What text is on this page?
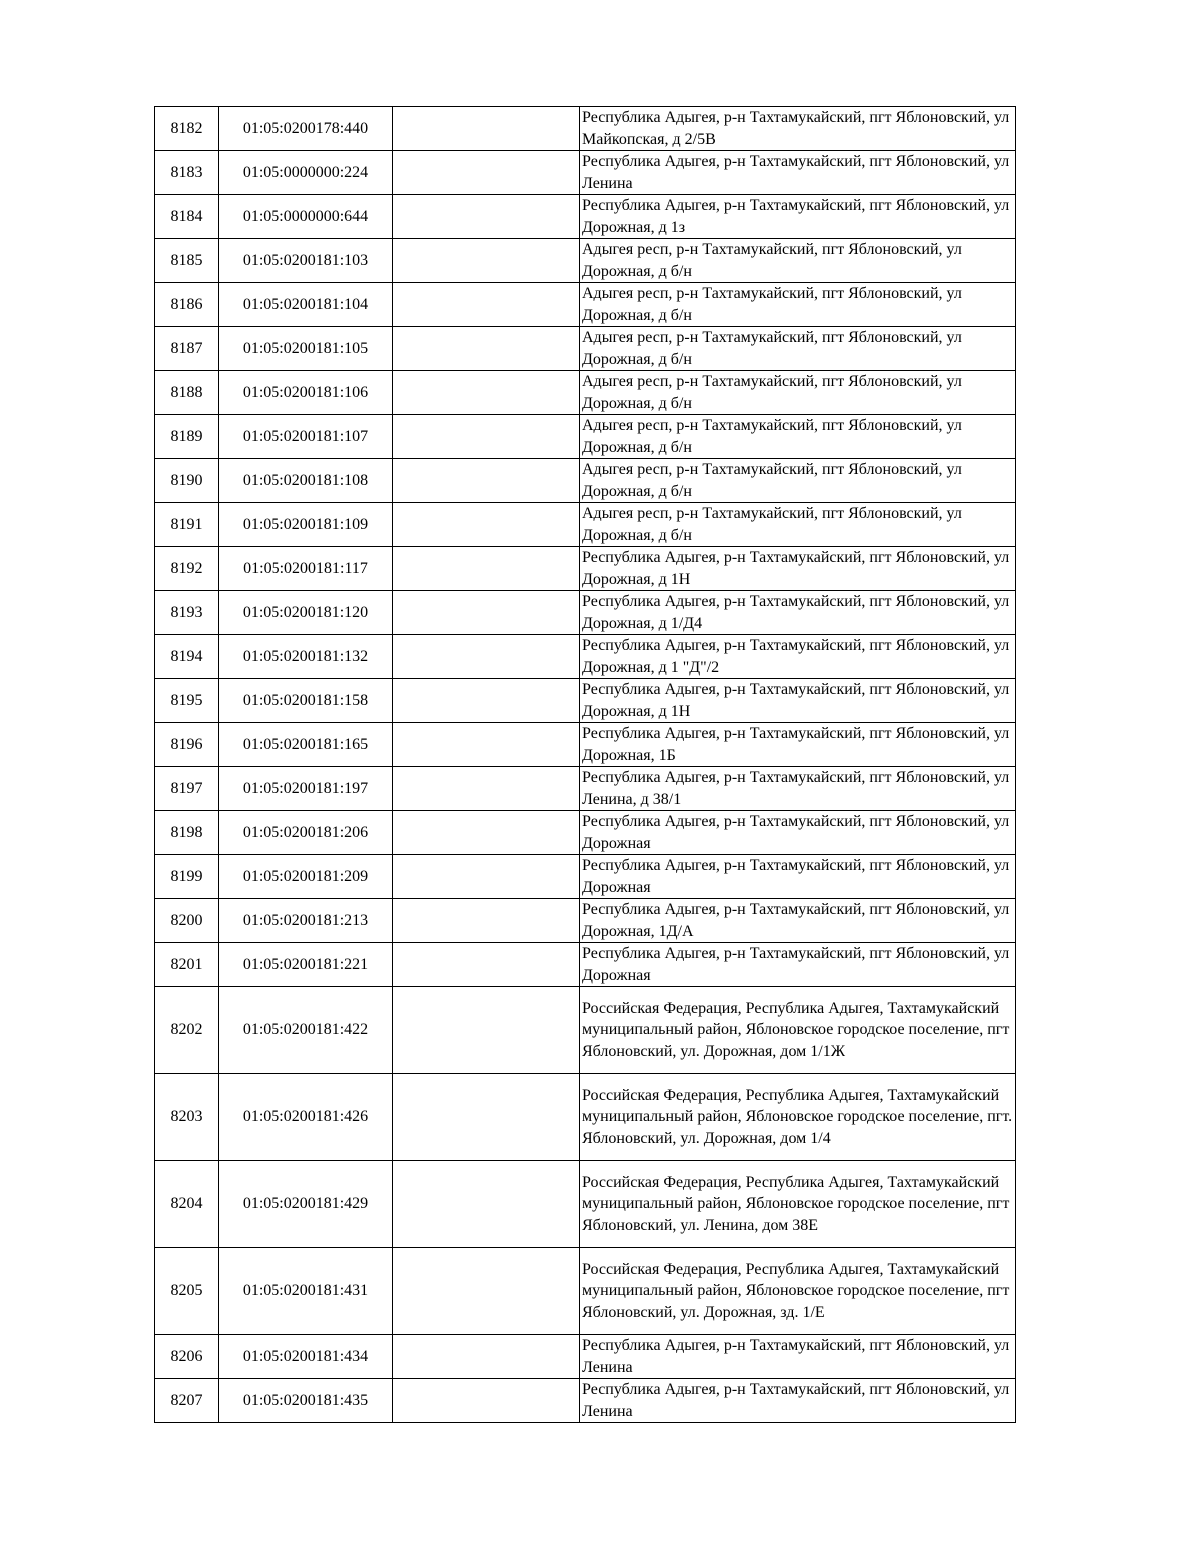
8182	01:05:0200178:440		Республика Адыгея, р-н Тахтамукайский, пгт Яблоновский, ул Майкопская, д 2/5В
8183	01:05:0000000:224		Республика Адыгея, р-н Тахтамукайский, пгт Яблоновский, ул Ленина
8184	01:05:0000000:644		Республика Адыгея, р-н Тахтамукайский, пгт Яблоновский, ул Дорожная, д 1з
8185	01:05:0200181:103		Адыгея респ, р-н Тахтамукайский, пгт Яблоновский, ул Дорожная, д б/н
8186	01:05:0200181:104		Адыгея респ, р-н Тахтамукайский, пгт Яблоновский, ул Дорожная, д б/н
8187	01:05:0200181:105		Адыгея респ, р-н Тахтамукайский, пгт Яблоновский, ул Дорожная, д б/н
8188	01:05:0200181:106		Адыгея респ, р-н Тахтамукайский, пгт Яблоновский, ул Дорожная, д б/н
8189	01:05:0200181:107		Адыгея респ, р-н Тахтамукайский, пгт Яблоновский, ул Дорожная, д б/н
8190	01:05:0200181:108		Адыгея респ, р-н Тахтамукайский, пгт Яблоновский, ул Дорожная, д б/н
8191	01:05:0200181:109		Адыгея респ, р-н Тахтамукайский, пгт Яблоновский, ул Дорожная, д б/н
8192	01:05:0200181:117		Республика Адыгея, р-н Тахтамукайский, пгт Яблоновский, ул Дорожная, д 1Н
8193	01:05:0200181:120		Республика Адыгея, р-н Тахтамукайский, пгт Яблоновский, ул Дорожная, д 1/Д4
8194	01:05:0200181:132		Республика Адыгея, р-н Тахтамукайский, пгт Яблоновский, ул Дорожная, д 1 "Д"/2
8195	01:05:0200181:158		Республика Адыгея, р-н Тахтамукайский, пгт Яблоновский, ул Дорожная, д 1Н
8196	01:05:0200181:165		Республика Адыгея, р-н Тахтамукайский, пгт Яблоновский, ул Дорожная, 1Б
8197	01:05:0200181:197		Республика Адыгея, р-н Тахтамукайский, пгт Яблоновский, ул Ленина, д 38/1
8198	01:05:0200181:206		Республика Адыгея, р-н Тахтамукайский, пгт Яблоновский, ул Дорожная
8199	01:05:0200181:209		Республика Адыгея, р-н Тахтамукайский, пгт Яблоновский, ул Дорожная
8200	01:05:0200181:213		Республика Адыгея, р-н Тахтамукайский, пгт Яблоновский, ул Дорожная, 1Д/А
8201	01:05:0200181:221		Республика Адыгея, р-н Тахтамукайский, пгт Яблоновский, ул Дорожная
8202	01:05:0200181:422		Российская Федерация, Республика Адыгея, Тахтамукайский муниципальный район, Яблоновское городское поселение, пгт Яблоновский, ул. Дорожная, дом 1/1Ж
8203	01:05:0200181:426		Российская Федерация, Республика Адыгея, Тахтамукайский муниципальный район, Яблоновское городское поселение, пгт. Яблоновский, ул. Дорожная, дом 1/4
8204	01:05:0200181:429		Российская Федерация, Республика Адыгея, Тахтамукайский муниципальный район, Яблоновское городское поселение, пгт Яблоновский, ул. Ленина, дом 38Е
8205	01:05:0200181:431		Российская Федерация, Республика Адыгея, Тахтамукайский муниципальный район, Яблоновское городское поселение, пгт Яблоновский, ул. Дорожная, зд. 1/Е
8206	01:05:0200181:434		Республика Адыгея, р-н Тахтамукайский, пгт Яблоновский, ул Ленина
8207	01:05:0200181:435		Республика Адыгея, р-н Тахтамукайский, пгт Яблоновский, ул Ленина
